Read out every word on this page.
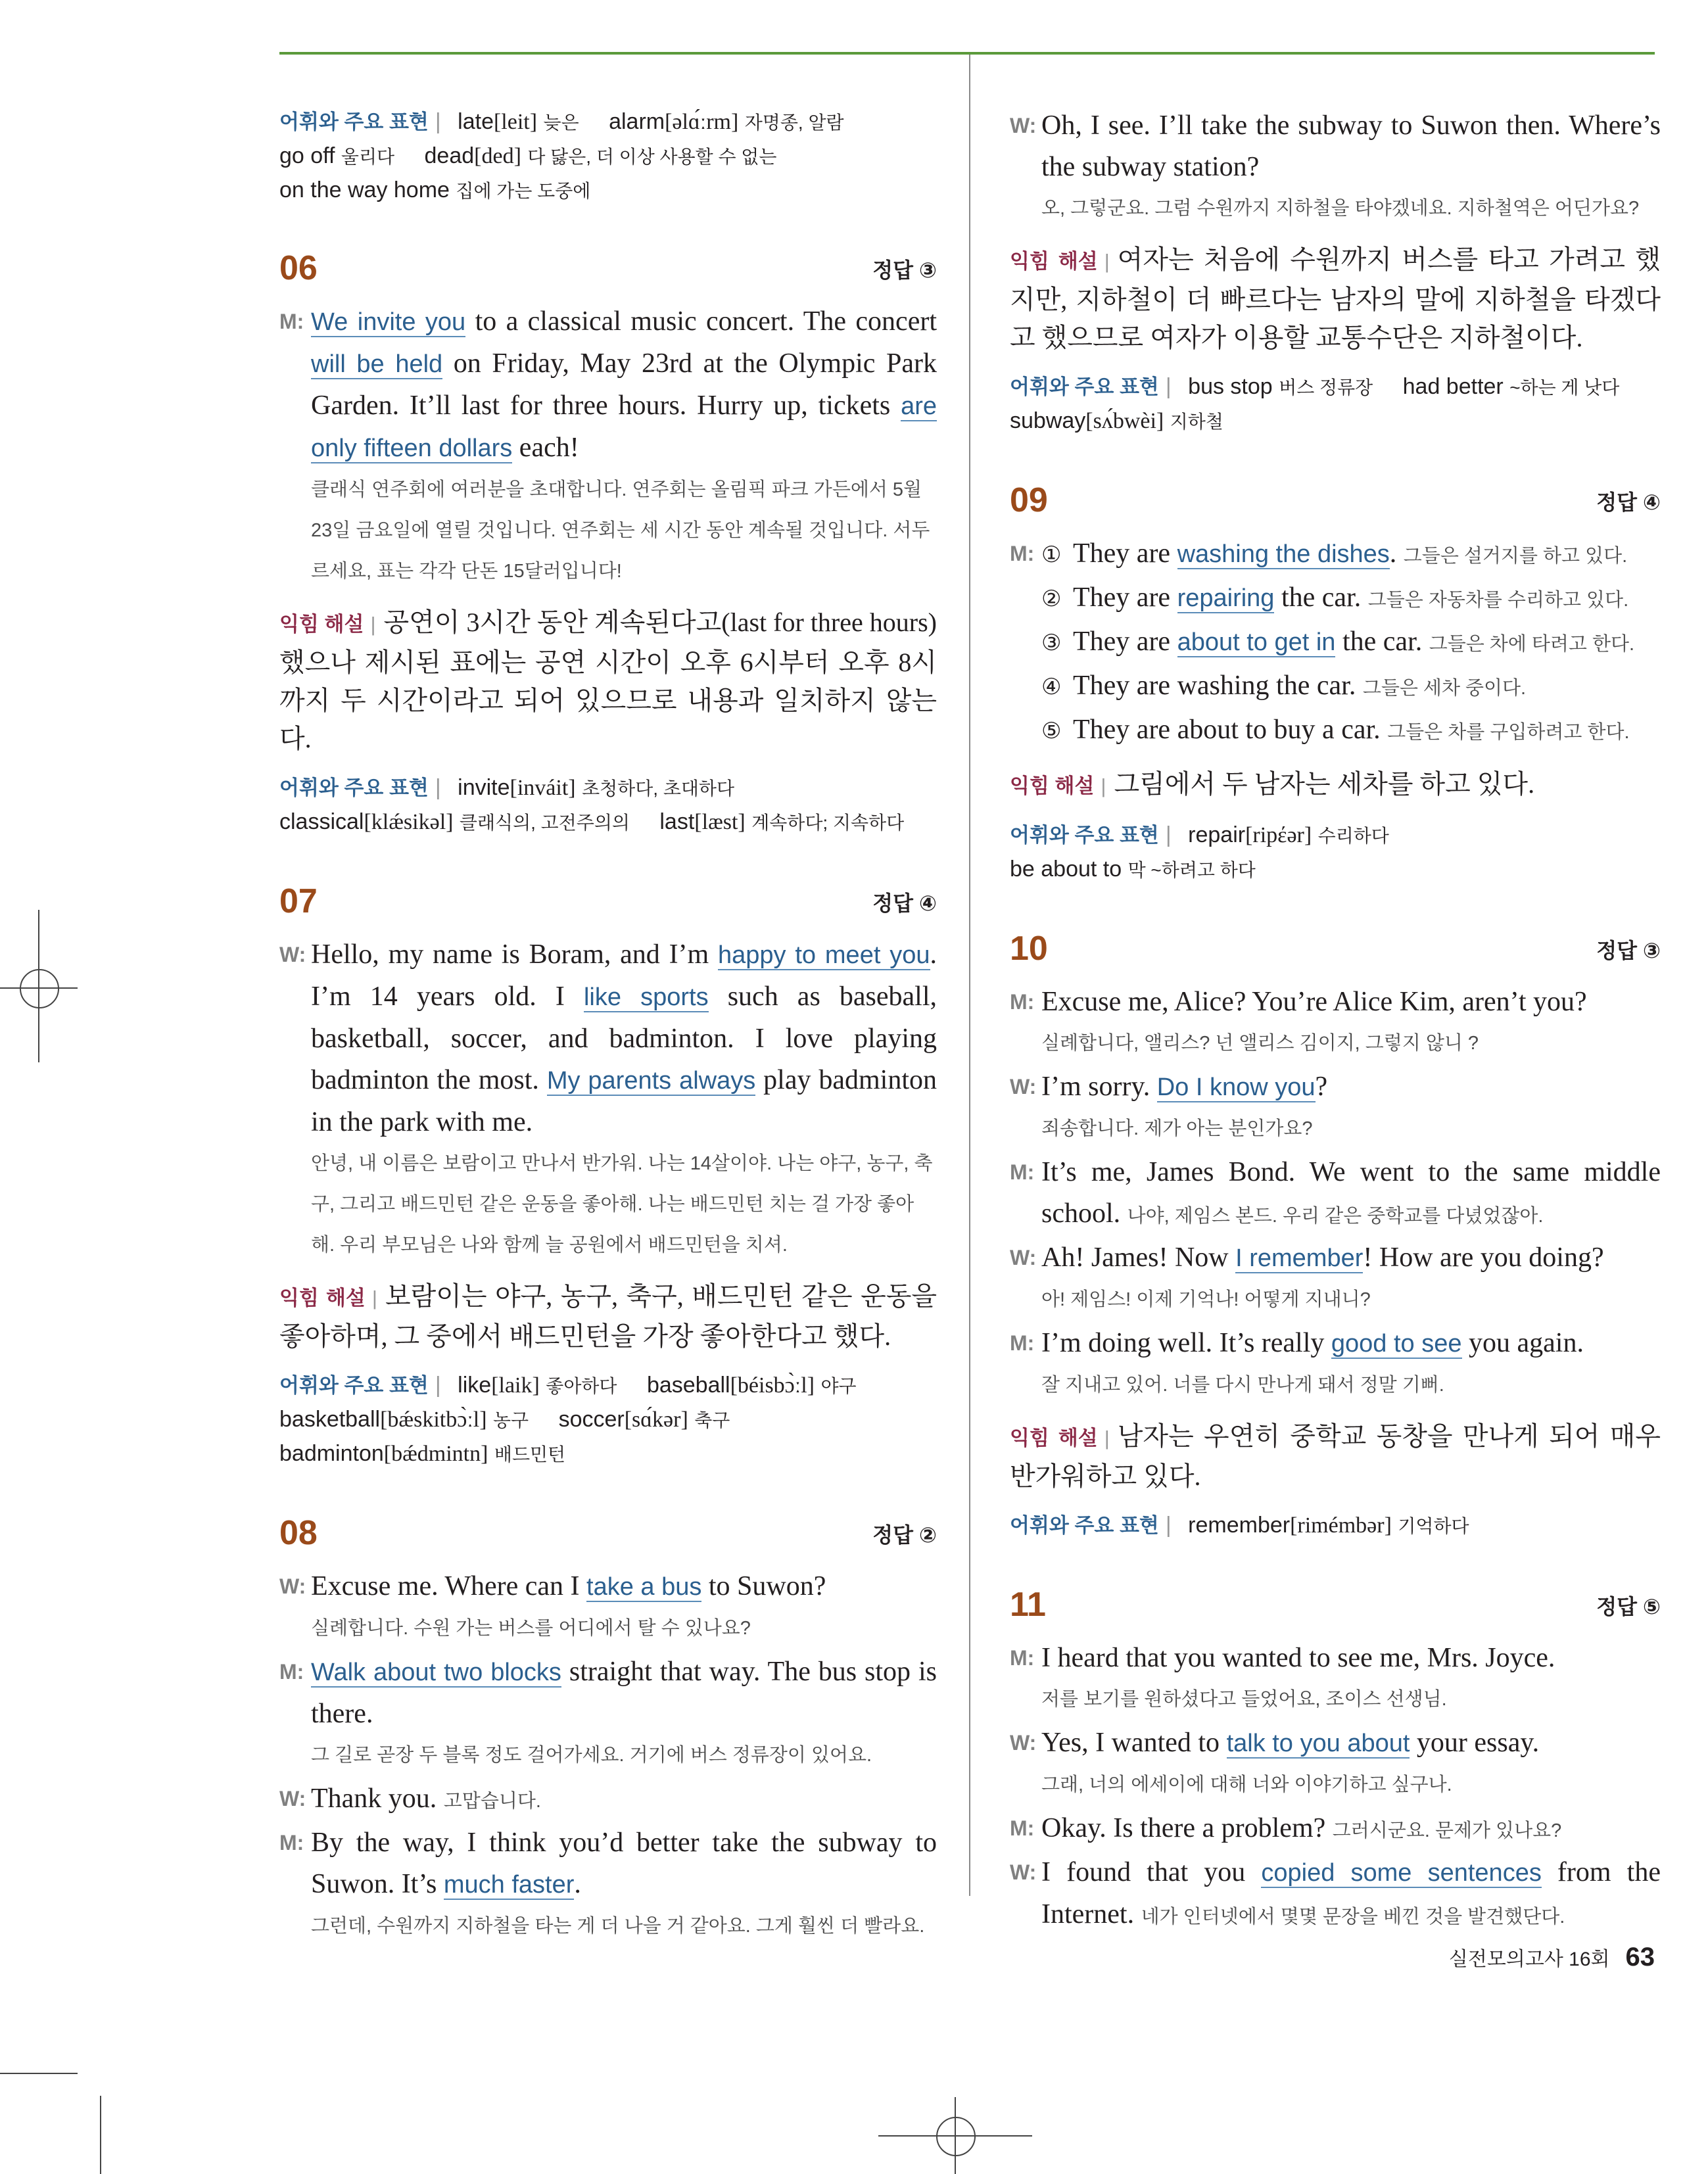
어휘와 주요 표현 | late[leit] 늦은 alarm[əlɑ́ːrm] 자명종, 알람
go off 울리다 dead[ded] 다 닳은, 더 이상 사용할 수 없는
on the way home 집에 가는 도중에
06	정답 ③
M: We invite you to a classical music concert. The concert will be held on Friday, May 23rd at the Olympic Park Garden. It’ll last for three hours. Hurry up, tickets are only fifteen dollars each!
클래식 연주회에 여러분을 초대합니다. 연주회는 올림픽 파크 가든에서 5월 23일 금요일에 열릴 것입니다. 연주회는 세 시간 동안 계속될 것입니다. 서두르세요, 표는 각각 단돈 15달러입니다!
익힘 해설 | 공연이 3시간 동안 계속된다고(last for three hours) 했으나 제시된 표에는 공연 시간이 오후 6시부터 오후 8시까지 두 시간이라고 되어 있으므로 내용과 일치하지 않는다.
어휘와 주요 표현 | invite[inváit] 초청하다, 초대하다
classical[klǽsikəl] 클래식의, 고전주의의 last[læst] 계속하다; 지속하다
07	정답 ④
W: Hello, my name is Boram, and I’m happy to meet you. I’m 14 years old. I like sports such as baseball, basketball, soccer, and badminton. I love playing badminton the most. My parents always play badminton in the park with me.
안녕, 내 이름은 보람이고 만나서 반가워. 나는 14살이야. 나는 야구, 농구, 축구, 그리고 배드민턴 같은 운동을 좋아해. 나는 배드민턴 치는 걸 가장 좋아해. 우리 부모님은 나와 함께 늘 공원에서 배드민턴을 치셔.
익힘 해설 | 보람이는 야구, 농구, 축구, 배드민턴 같은 운동을 좋아하며, 그 중에서 배드민턴을 가장 좋아한다고 했다.
어휘와 주요 표현 | like[laik] 좋아하다 baseball[béisbɔ̀ːl] 야구
basketball[bǽskitbɔ̀ːl] 농구 soccer[sɑ́kər] 축구
badminton[bǽdmintn] 배드민턴
08	정답 ②
W: Excuse me. Where can I take a bus to Suwon?
실례합니다. 수원 가는 버스를 어디에서 탈 수 있나요?
M: Walk about two blocks straight that way. The bus stop is there.
그 길로 곧장 두 블록 정도 걸어가세요. 거기에 버스 정류장이 있어요.
W: Thank you. 고맙습니다.
M: By the way, I think you’d better take the subway to Suwon. It’s much faster.
그런데, 수원까지 지하철을 타는 게 더 나을 거 같아요. 그게 훨씬 더 빨라요.
W: Oh, I see. I’ll take the subway to Suwon then. Where’s the subway station?
오, 그렇군요. 그럼 수원까지 지하철을 타야겠네요. 지하철역은 어딘가요?
익힘 해설 | 여자는 처음에 수원까지 버스를 타고 가려고 했지만, 지하철이 더 빠르다는 남자의 말에 지하철을 타겠다고 했으므로 여자가 이용할 교통수단은 지하철이다.
어휘와 주요 표현 | bus stop 버스 정류장 had better ~하는 게 낫다
subway[sʌ́bwèi] 지하철
09	정답 ④
M: ① They are washing the dishes. 그들은 설거지를 하고 있다.
② They are repairing the car. 그들은 자동차를 수리하고 있다.
③ They are about to get in the car. 그들은 차에 타려고 한다.
④ They are washing the car. 그들은 세차 중이다.
⑤ They are about to buy a car. 그들은 차를 구입하려고 한다.
익힘 해설 | 그림에서 두 남자는 세차를 하고 있다.
어휘와 주요 표현 | repair[ripέər] 수리하다
be about to 막 ~하려고 하다
10	정답 ③
M: Excuse me, Alice? You’re Alice Kim, aren’t you?
실례합니다, 앨리스? 넌 앨리스 김이지, 그렇지 않니 ?
W: I’m sorry. Do I know you?
죄송합니다. 제가 아는 분인가요?
M: It’s me, James Bond. We went to the same middle school. 나야, 제임스 본드. 우리 같은 중학교를 다녔었잖아.
W: Ah! James! Now I remember! How are you doing?
아! 제임스! 이제 기억나! 어떻게 지내니?
M: I’m doing well. It’s really good to see you again.
잘 지내고 있어. 너를 다시 만나게 돼서 정말 기뻐.
익힘 해설 | 남자는 우연히 중학교 동창을 만나게 되어 매우 반가워하고 있다.
어휘와 주요 표현 | remember[rimémbər] 기억하다
11	정답 ⑤
M: I heard that you wanted to see me, Mrs. Joyce.
저를 보기를 원하셨다고 들었어요, 조이스 선생님.
W: Yes, I wanted to talk to you about your essay.
그래, 너의 에세이에 대해 너와 이야기하고 싶구나.
M: Okay. Is there a problem? 그러시군요. 문제가 있나요?
W: I found that you copied some sentences from the Internet. 네가 인터넷에서 몇몇 문장을 베낀 것을 발견했단다.
실전모의고사 16회 63
